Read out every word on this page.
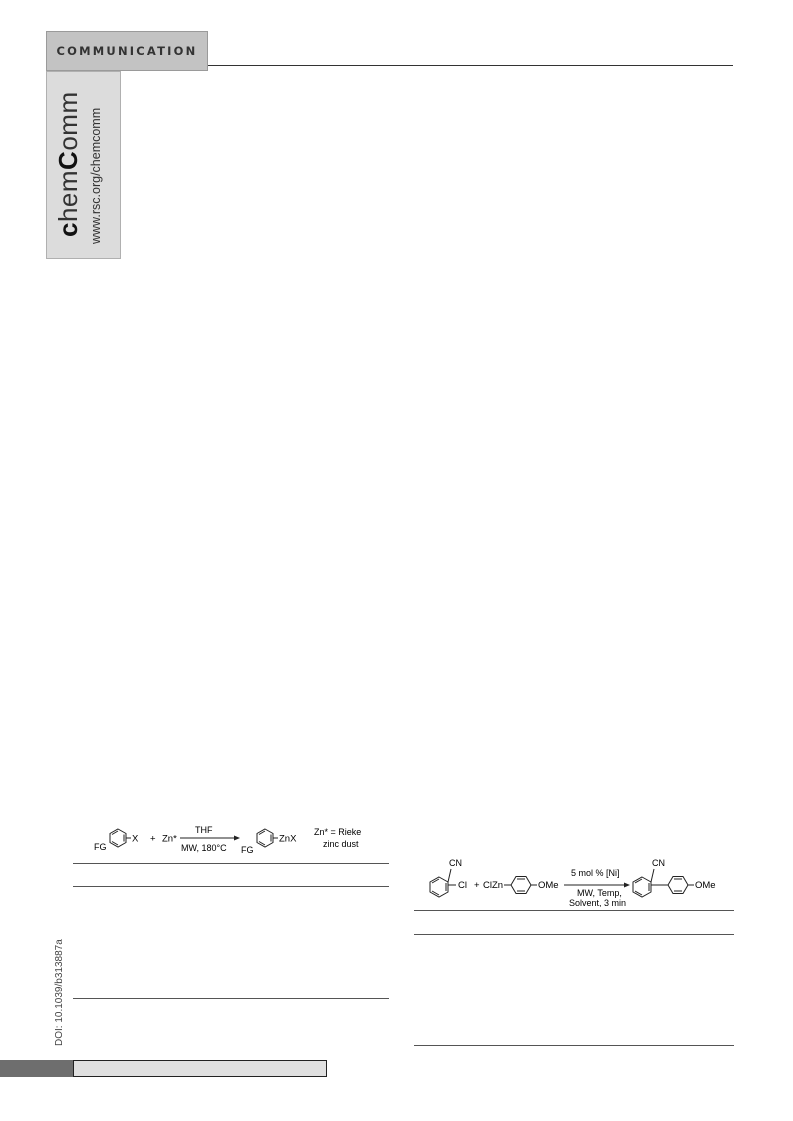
COMMUNICATION
chemComm www.rsc.org/chemcomm
FG
X + Zn*
THF
MW, 180°C FG
ZnX
Zn* = Rieke
zinc dust
CN
Cl + ClZn	OMe
5 mol % [Ni]
MW, Temp,
Solvent, 3 min
CN
OMe
DOI: 10.1039/b313887a
